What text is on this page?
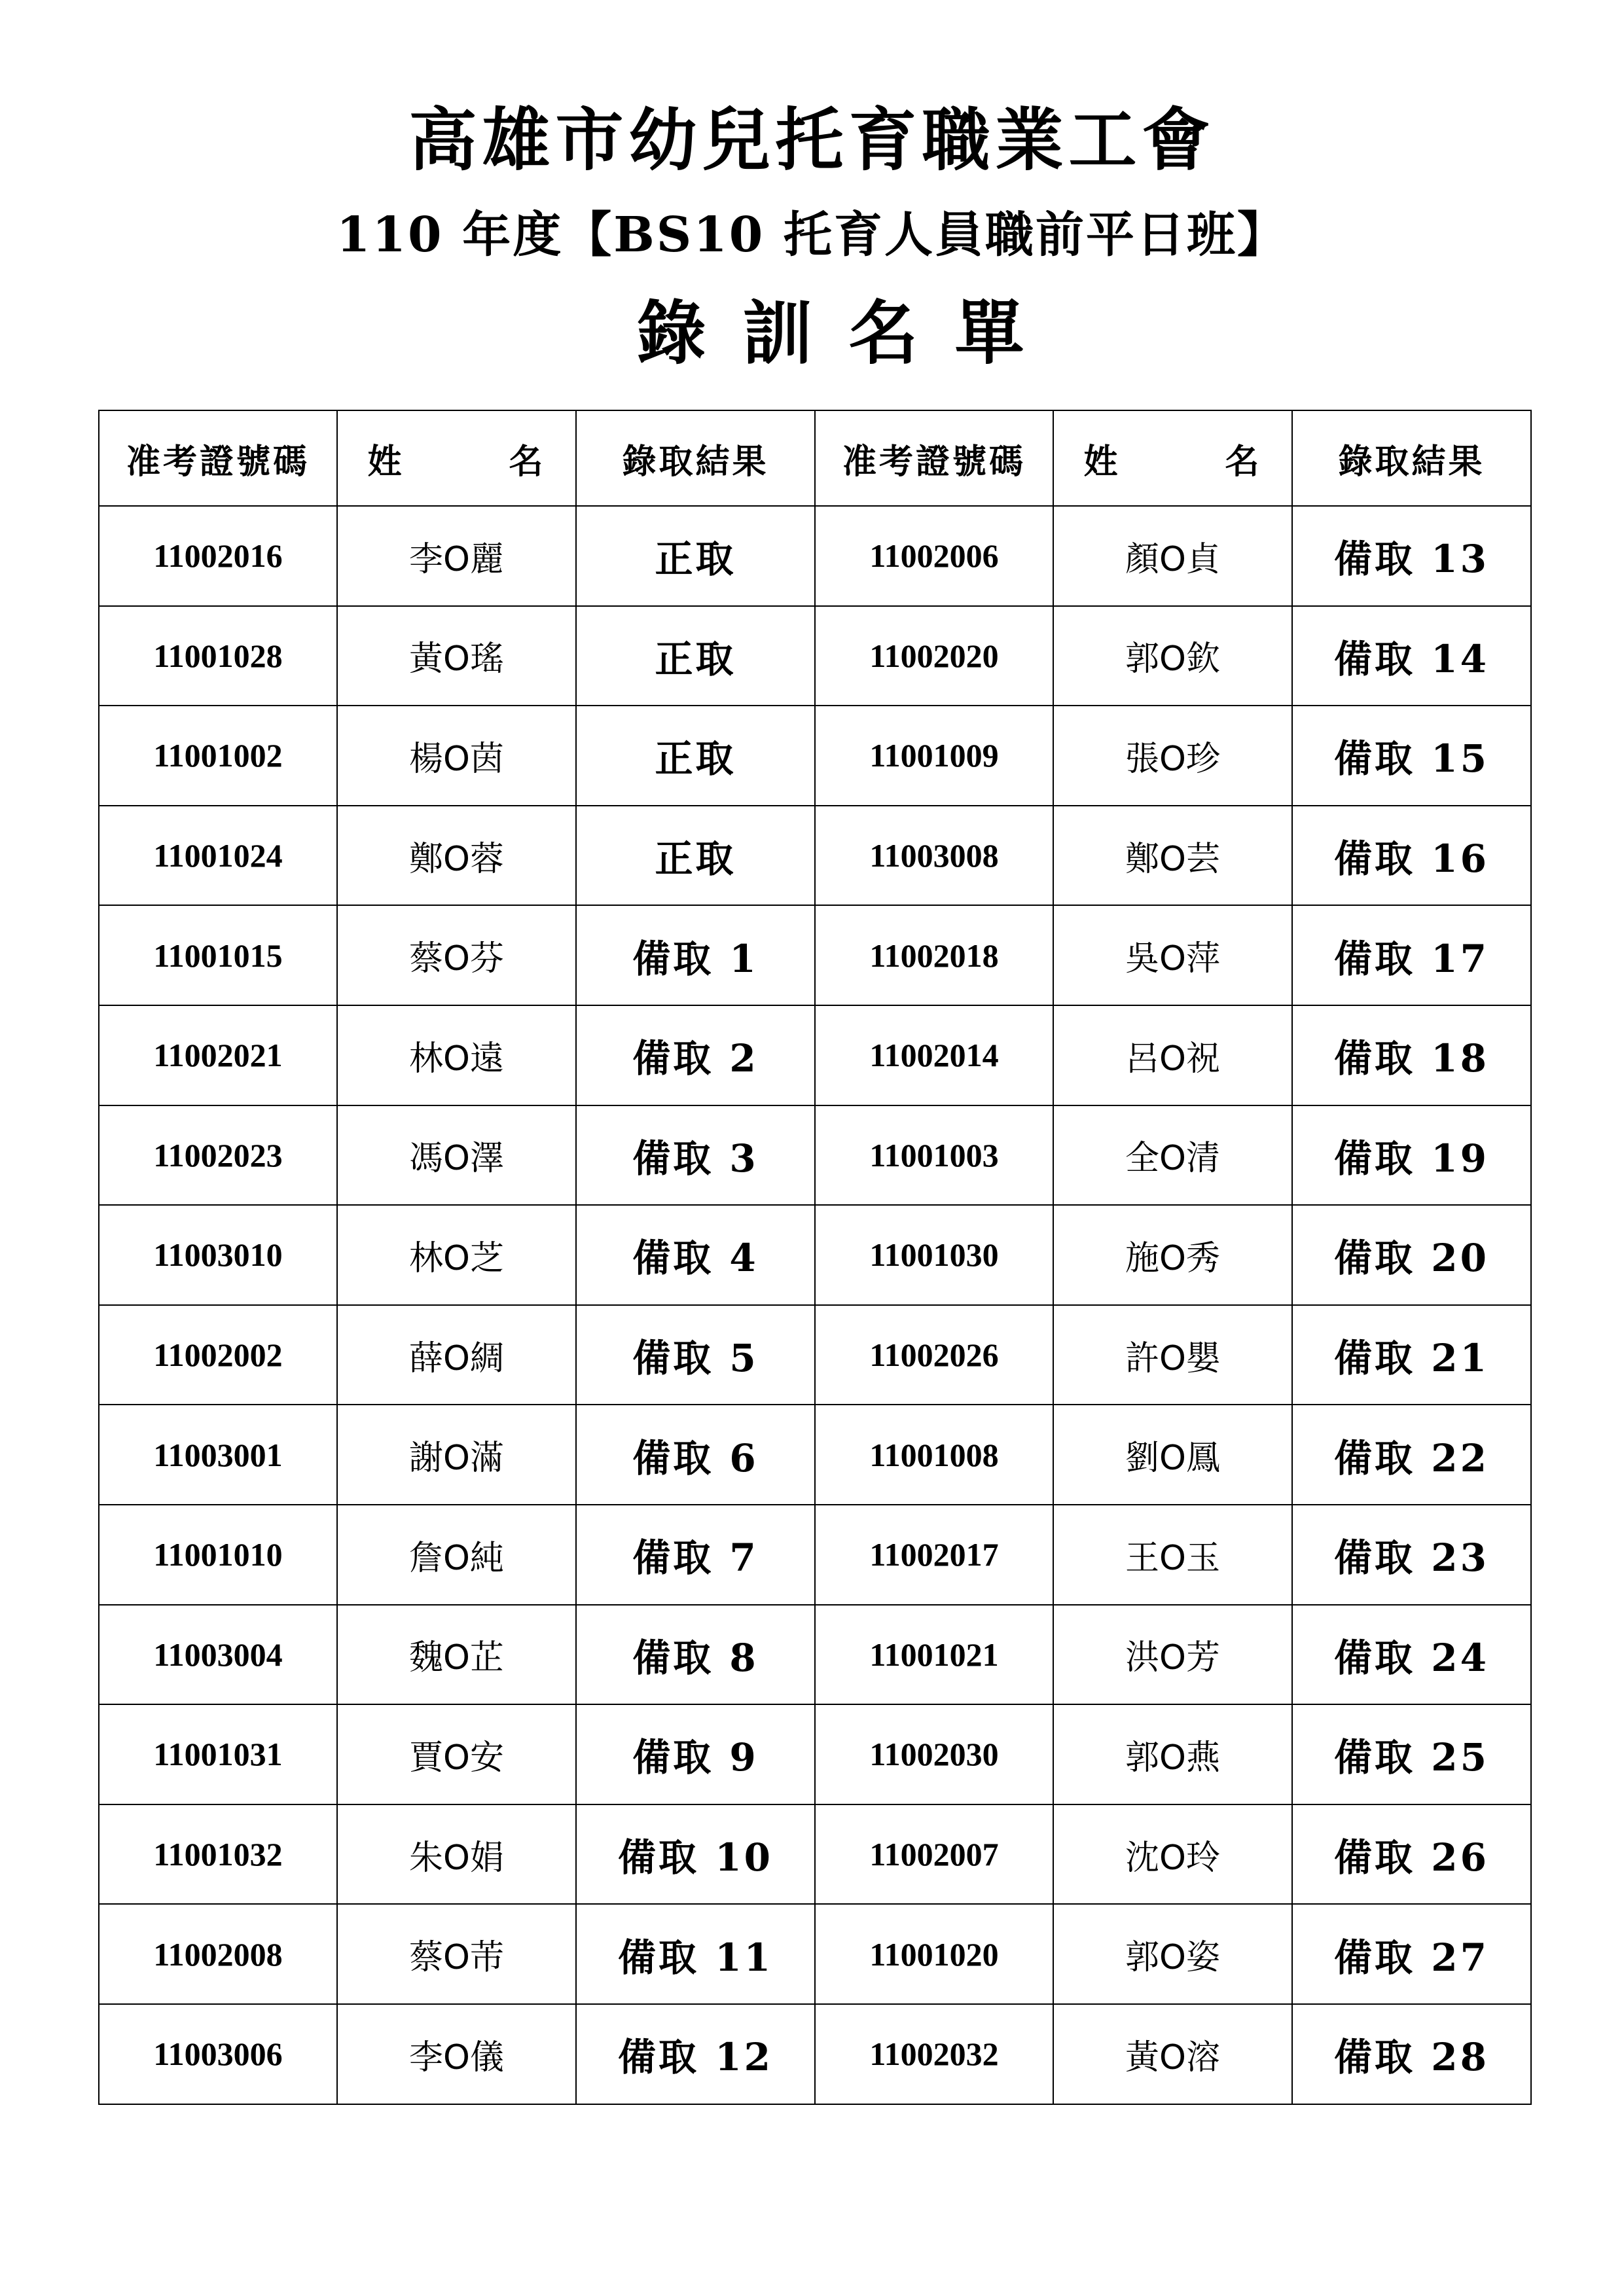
高雄市幼兒托育職業工會
110 年度【BS10 托育人員職前平日班】
錄訓名單
准考證號碼	姓 名	錄取結果	准考證號碼	姓 名	錄取結果
11002016	李O麗	正取	11002006	顏O貞	備取 13
11001028	黃O瑤	正取	11002020	郭O欽	備取 14
11001002	楊O茵	正取	11001009	張O珍	備取 15
11001024	鄭O蓉	正取	11003008	鄭O芸	備取 16
11001015	蔡O芬	備取 1	11002018	吳O萍	備取 17
11002021	林O遠	備取 2	11002014	呂O祝	備取 18
11002023	馮O澤	備取 3	11001003	全O清	備取 19
11003010	林O芝	備取 4	11001030	施O秀	備取 20
11002002	薛O綢	備取 5	11002026	許O嬰	備取 21
11003001	謝O滿	備取 6	11001008	劉O鳳	備取 22
11001010	詹O純	備取 7	11002017	王O玉	備取 23
11003004	魏O芷	備取 8	11001021	洪O芳	備取 24
11001031	賈O安	備取 9	11002030	郭O燕	備取 25
11001032	朱O娟	備取 10	11002007	沈O玲	備取 26
11002008	蔡O芾	備取 11	11001020	郭O姿	備取 27
11003006	李O儀	備取 12	11002032	黃O溶	備取 28
